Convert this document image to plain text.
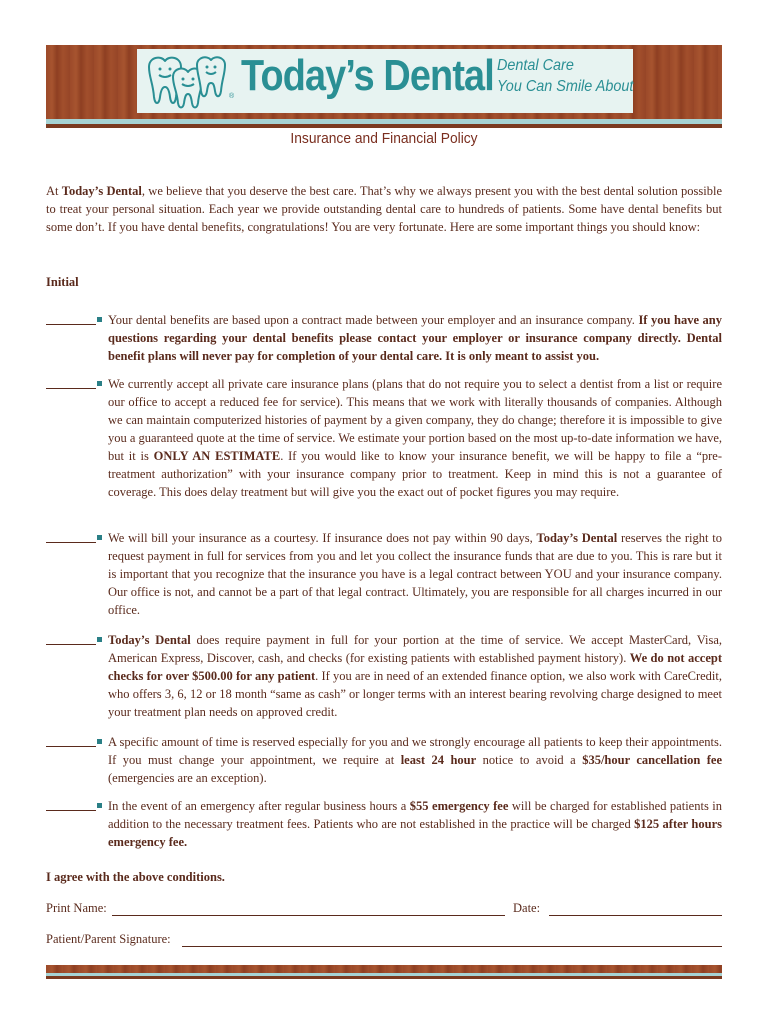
® Today’s Dental Dental Care
You Can Smile About
Insurance and Financial Policy
At Today’s Dental, we believe that you deserve the best care. That’s why we always present you with the best dental solution possible to treat your personal situation. Each year we provide outstanding dental care to hundreds of patients. Some have dental benefits but some don’t. If you have dental benefits, congratulations! You are very fortunate. Here are some important things you should know:
Initial
Your dental benefits are based upon a contract made between your employer and an insurance company. If you have any questions regarding your dental benefits please contact your employer or insurance company directly. Dental benefit plans will never pay for completion of your dental care. It is only meant to assist you.
We currently accept all private care insurance plans (plans that do not require you to select a dentist from a list or require our office to accept a reduced fee for service). This means that we work with literally thousands of companies. Although we can maintain computerized histories of payment by a given company, they do change; therefore it is impossible to give you a guaranteed quote at the time of service. We estimate your portion based on the most up-to-date information we have, but it is ONLY AN ESTIMATE. If you would like to know your insurance benefit, we will be happy to file a “pre-treatment authorization” with your insurance company prior to treatment. Keep in mind this is not a guarantee of coverage. This does delay treatment but will give you the exact out of pocket figures you may require.
We will bill your insurance as a courtesy. If insurance does not pay within 90 days, Today’s Dental reserves the right to request payment in full for services from you and let you collect the insurance funds that are due to you. This is rare but it is important that you recognize that the insurance you have is a legal contract between YOU and your insurance company. Our office is not, and cannot be a part of that legal contract. Ultimately, you are responsible for all charges incurred in our office.
Today’s Dental does require payment in full for your portion at the time of service. We accept MasterCard, Visa, American Express, Discover, cash, and checks (for existing patients with established payment history). We do not accept checks for over $500.00 for any patient. If you are in need of an extended finance option, we also work with CareCredit, who offers 3, 6, 12 or 18 month “same as cash” or longer terms with an interest bearing revolving charge designed to meet your treatment plan needs on approved credit.
A specific amount of time is reserved especially for you and we strongly encourage all patients to keep their appointments. If you must change your appointment, we require at least 24 hour notice to avoid a $35/hour cancellation fee (emergencies are an exception).
In the event of an emergency after regular business hours a $55 emergency fee will be charged for established patients in addition to the necessary treatment fees. Patients who are not established in the practice will be charged $125 after hours emergency fee.
I agree with the above conditions.
Print Name:	Date:
Patient/Parent Signature:
